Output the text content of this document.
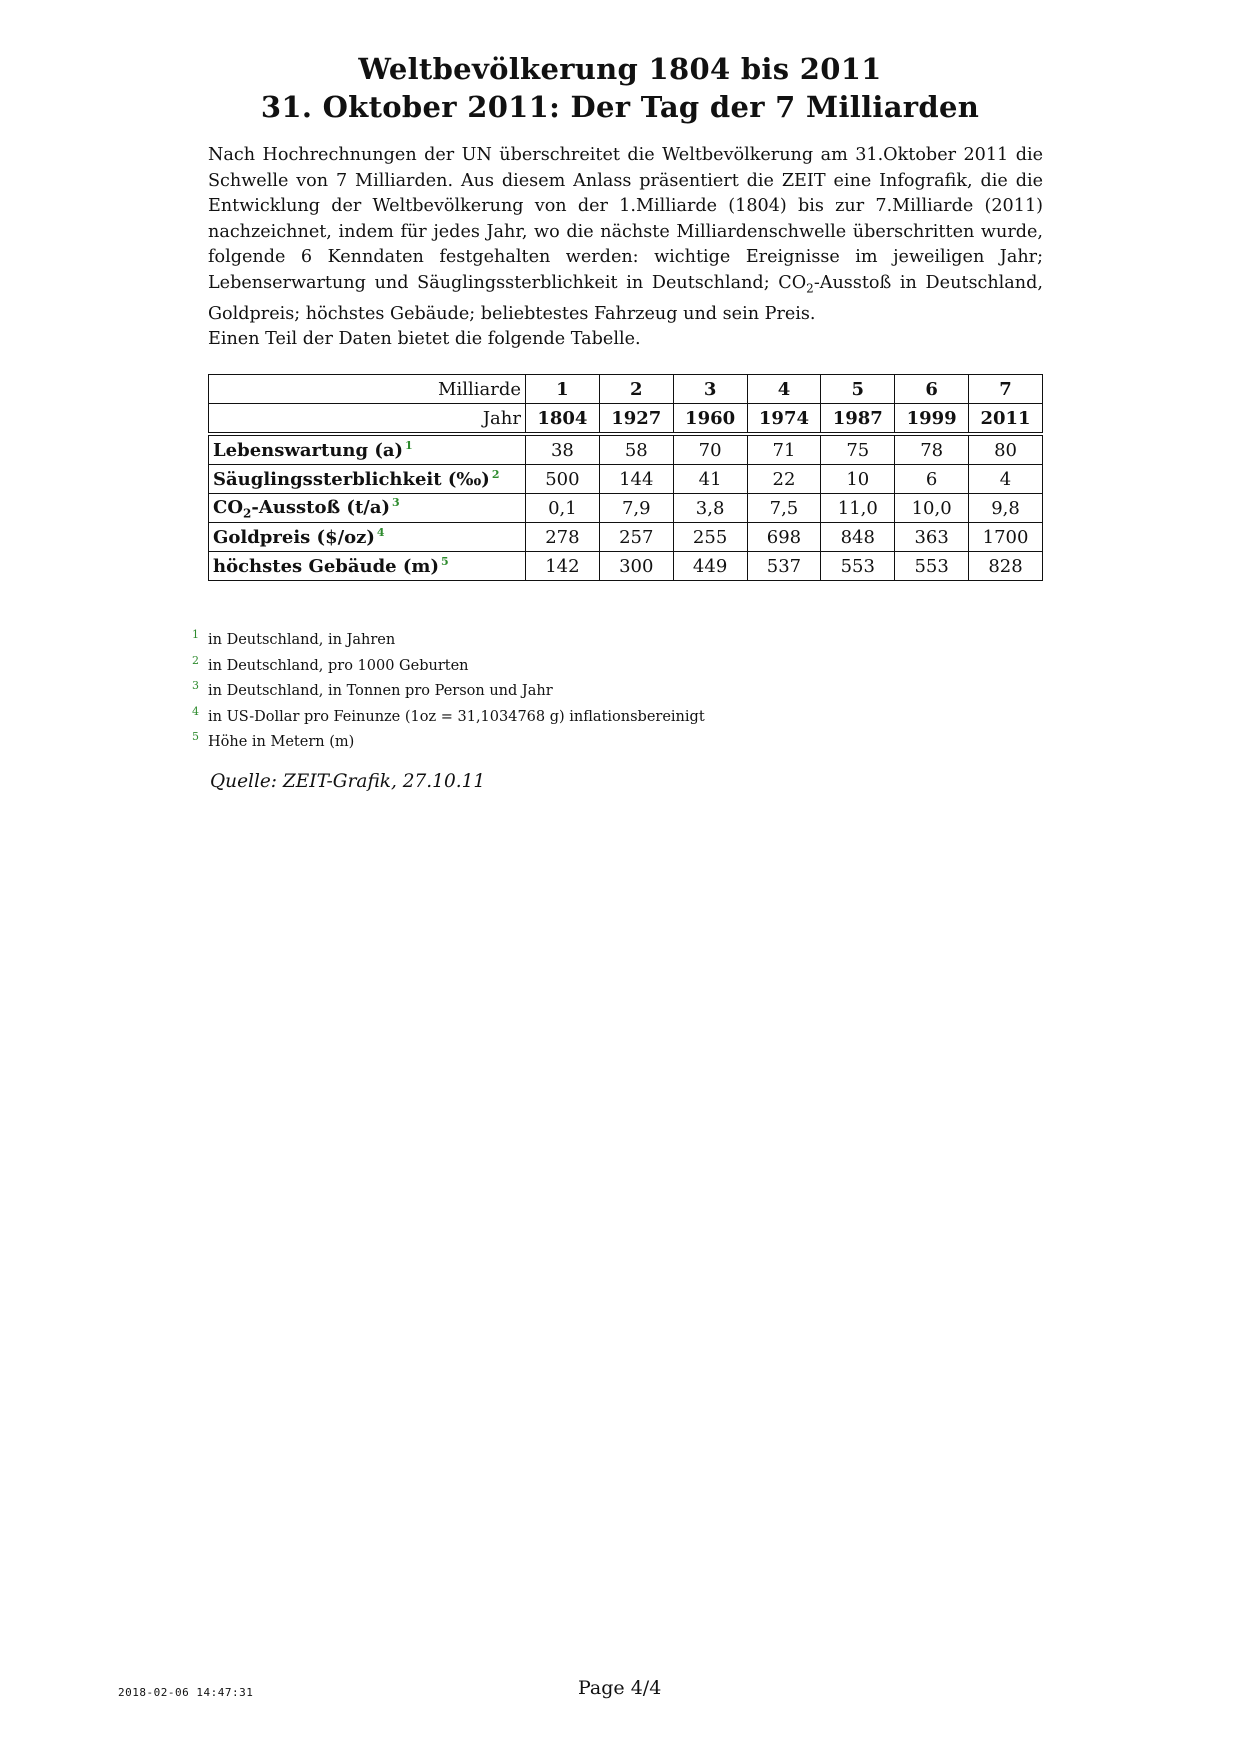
Weltbevölkerung 1804 bis 2011
31. Oktober 2011: Der Tag der 7 Milliarden

Nach Hochrechnungen der UN überschreitet die Weltbevölkerung am 31.Oktober 2011 die Schwelle von 7 Milliarden. Aus diesem Anlass präsentiert die ZEIT eine Infografik, die die Entwicklung der Weltbevölkerung von der 1.Milliarde (1804) bis zur 7.Milliarde (2011) nachzeichnet, indem für jedes Jahr, wo die nächste Milliardenschwelle überschritten wurde, folgende 6 Kenndaten festgehalten werden: wichtige Ereignisse im jeweiligen Jahr; Lebenserwartung und Säuglingssterblichkeit in Deutschland; $CO_2$-Ausstoß in Deutschland, Goldpreis; höchstes Gebäude; beliebtestes Fahrzeug und sein Preis.

Einen Teil der Daten bietet die folgende Tabelle.
Milliarde	1	2	3	4	5	6	7
Jahr	1804	1927	1960	1974	1987	1999	2011
Lebenswartung (a) $^1$	38	58	70	71	75	78	80
Säuglingssterblichkeit (‰) $^2$	500	144	41	22	10	6	4
$CO_2$-Ausstoß (t/a) $^3$	0,1	7,9	3,8	7,5	11,0	10,0	9,8
Goldpreis ($/oz) $^4$	278	257	255	698	848	363	1700
höchstes Gebäude (m) $^5$	142	300	449	537	553	553	828
1 in Deutschland, in Jahren
2 in Deutschland, pro 1000 Geburten
3 in Deutschland, in Tonnen pro Person und Jahr
4 in US-Dollar pro Feinunze (1oz = 31,1034768 g) inflationsbereinigt
5 Höhe in Metern (m)
Quelle: ZEIT-Grafik, 27.10.11
2018-02-06 14:47:31	Page 4/4
